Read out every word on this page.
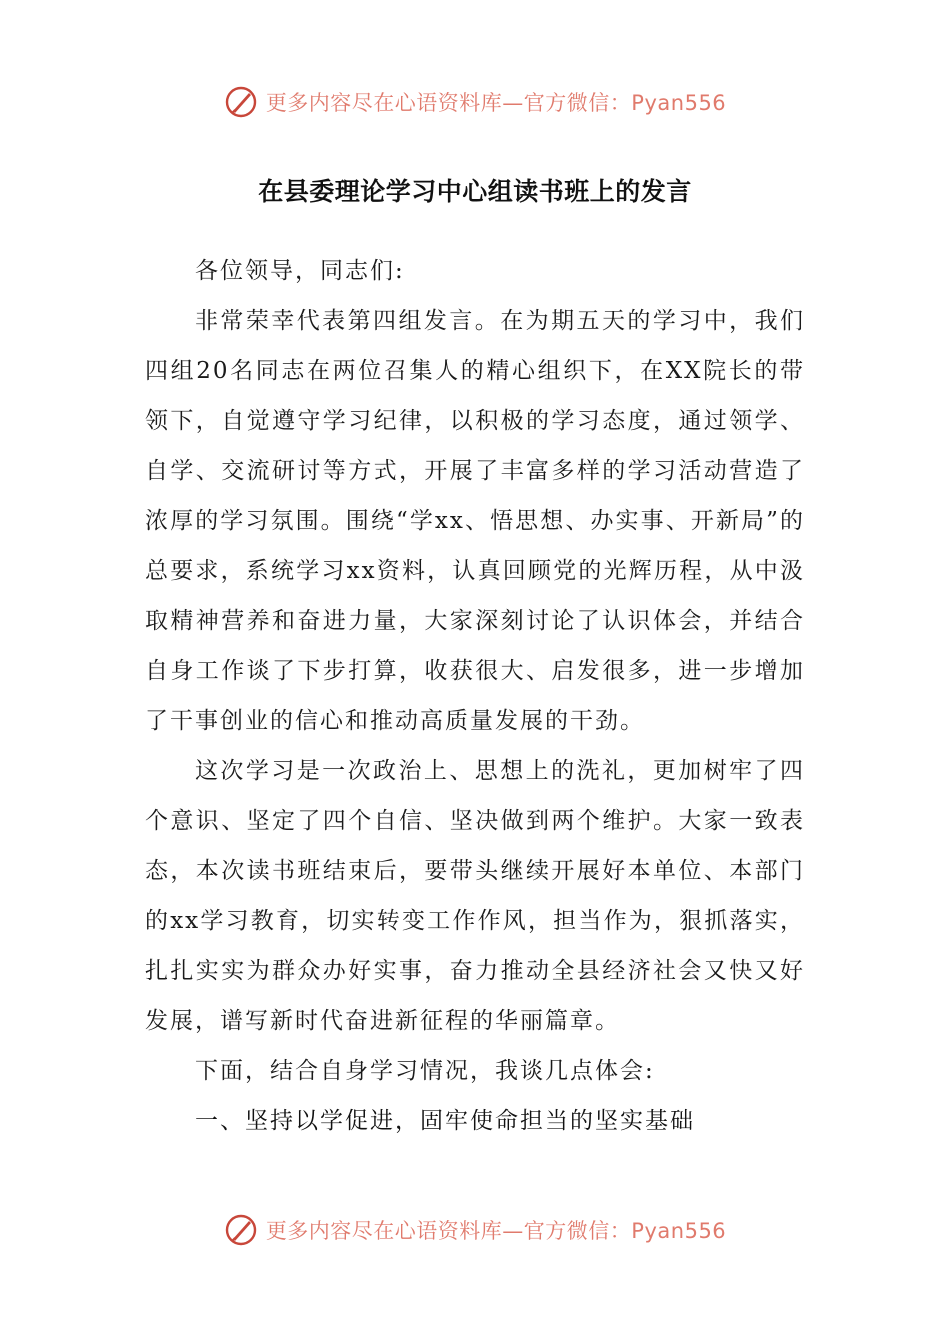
更多内容尽在心语资料库—官方微信：Pyan556
在县委理论学习中心组读书班上的发言

各位领导，同志们:

非常荣幸代表第四组发言。在为期五天的学习中，我们四组20名同志在两位召集人的精心组织下，在XX院长的带领下，自觉遵守学习纪律，以积极的学习态度，通过领学、自学、交流研讨等方式，开展了丰富多样的学习活动营造了浓厚的学习氛围。围绕“学xx、悟思想、办实事、开新局”的总要求，系统学习xx资料，认真回顾党的光辉历程，从中汲取精神营养和奋进力量，大家深刻讨论了认识体会，并结合自身工作谈了下步打算，收获很大、启发很多，进一步增加了干事创业的信心和推动高质量发展的干劲。

这次学习是一次政治上、思想上的洗礼，更加树牢了四个意识、坚定了四个自信、坚决做到两个维护。大家一致表态，本次读书班结束后，要带头继续开展好本单位、本部门的xx学习教育，切实转变工作作风，担当作为，狠抓落实，扎扎实实为群众办好实事，奋力推动全县经济社会又快又好发展，谱写新时代奋进新征程的华丽篇章。

下面，结合自身学习情况，我谈几点体会:

一、坚持以学促进，固牢使命担当的坚实基础

更多内容尽在心语资料库—官方微信：Pyan556
